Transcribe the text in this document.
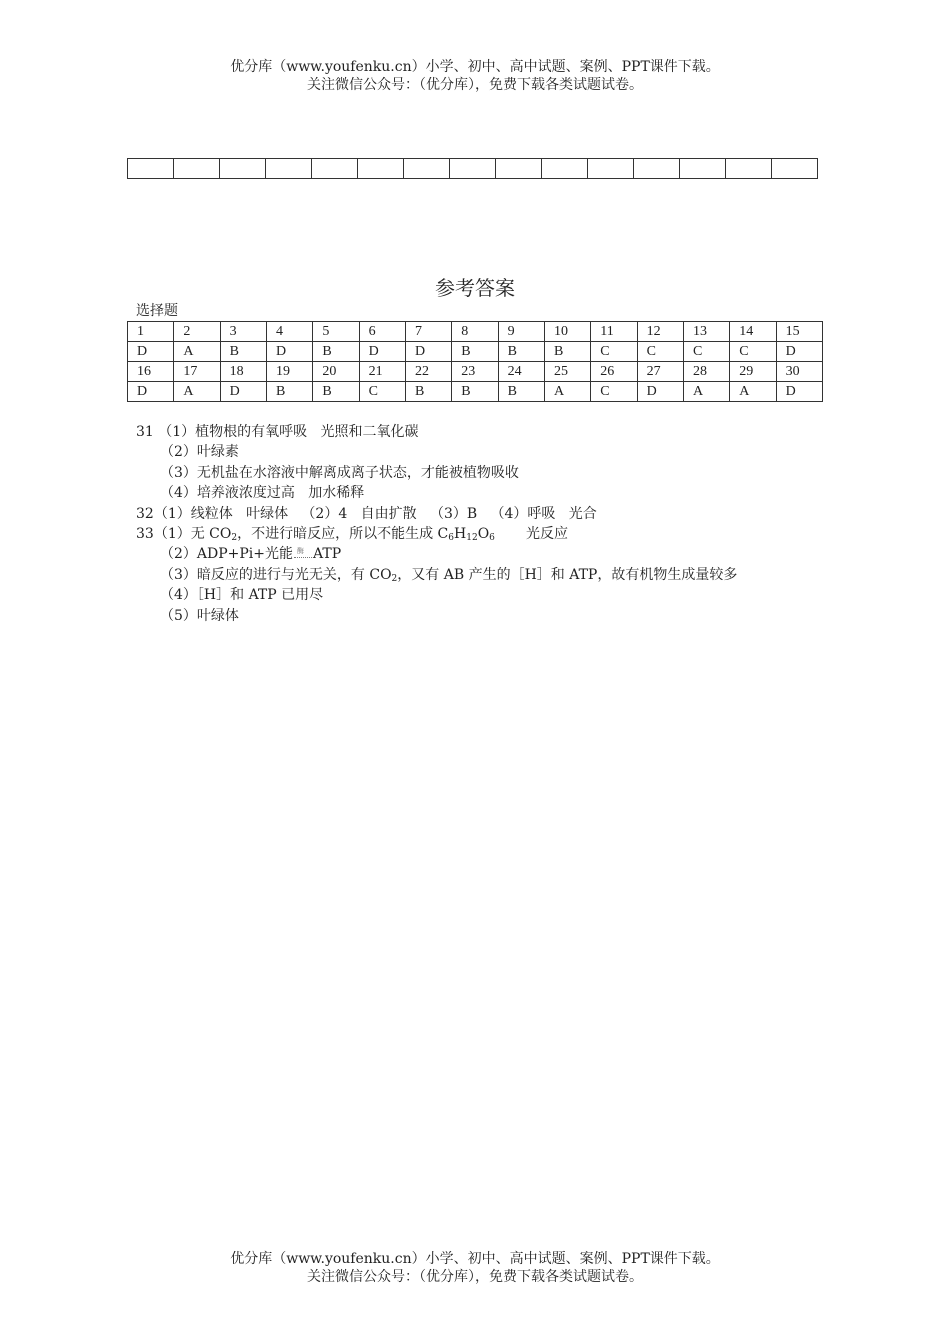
优分库（www.youfenku.cn）小学、初中、高中试题、案例、PPT课件下载。
关注微信公众号：（优分库），免费下载各类试题试卷。

参考答案
选择题
1	2	3	4	5	6	7	8	9	10	11	12	13	14	15
D	A	B	D	B	D	D	B	B	B	C	C	C	C	D
16	17	18	19	20	21	22	23	24	25	26	27	28	29	30
D	A	D	B	B	C	B	B	B	A	C	D	A	A	D
31 （1）植物根的有氧呼吸   光照和二氧化碳
（2）叶绿素
（3）无机盐在水溶液中解离成离子状态，才能被植物吸收
（4）培养液浓度过高   加水稀释
32（1）线粒体   叶绿体   （2）4   自由扩散   （3）B   （4）呼吸   光合
33（1）无 $CO_2$，不进行暗反应，所以不能生成 $C_6H_{12}O_6$       光反应
（2）ADP+Pi+光能 酶 ATP
（3）暗反应的进行与光无关，有 $CO_2$，又有 AB 产生的［H］和 ATP，故有机物生成量较多
（4）［H］和 ATP 已用尽
（5）叶绿体
优分库（www.youfenku.cn）小学、初中、高中试题、案例、PPT课件下载。
关注微信公众号：（优分库），免费下载各类试题试卷。
